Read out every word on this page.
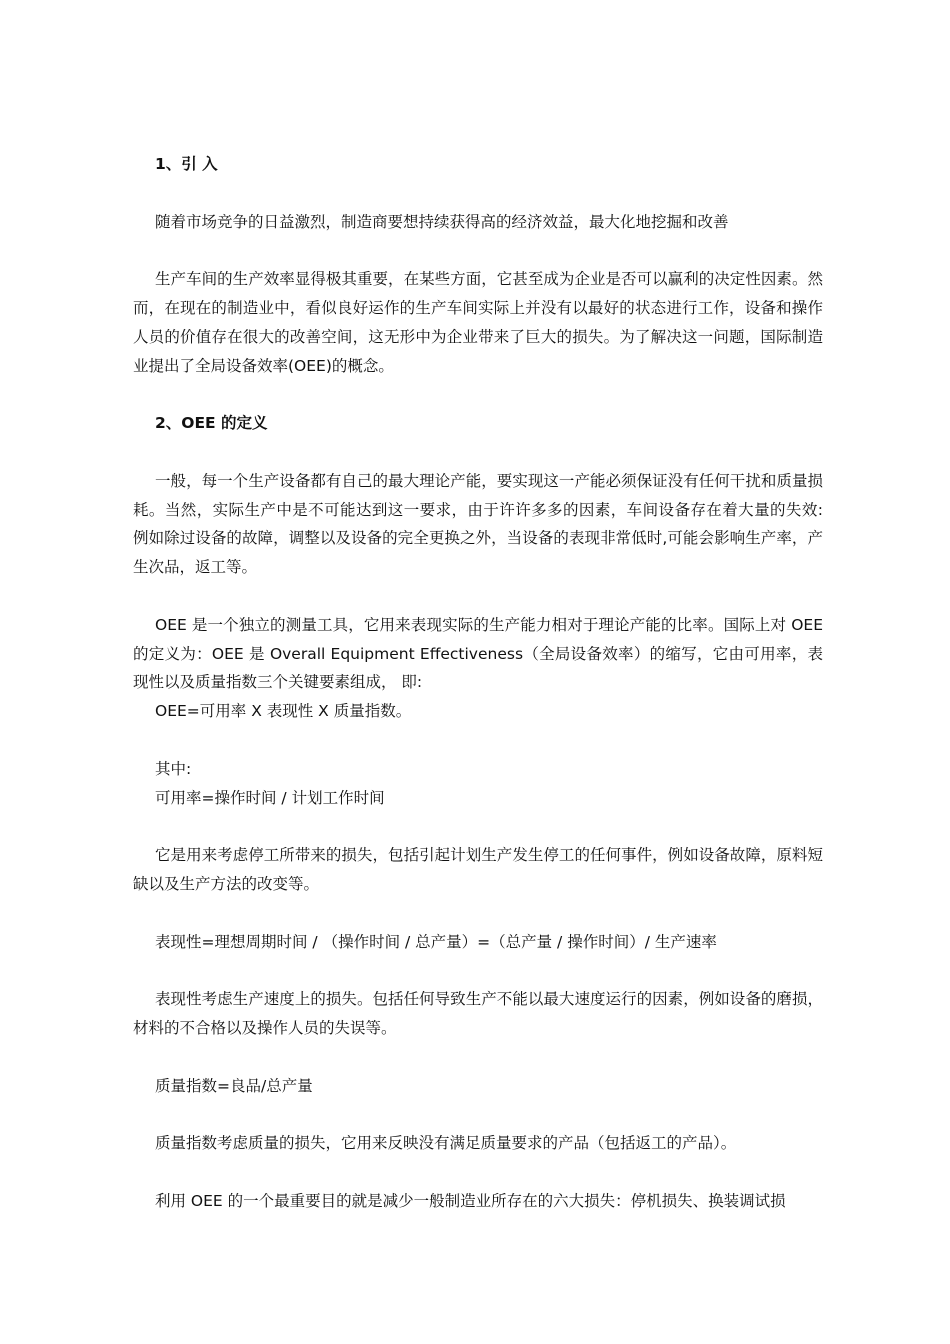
1、引 入

随着市场竞争的日益激烈，制造商要想持续获得高的经济效益，最大化地挖掘和改善

生产车间的生产效率显得极其重要，在某些方面，它甚至成为企业是否可以赢利的决定性因素。然而，在现在的制造业中，看似良好运作的生产车间实际上并没有以最好的状态进行工作，设备和操作人员的价值存在很大的改善空间，这无形中为企业带来了巨大的损失。为了解决这一问题，国际制造业提出了全局设备效率(OEE)的概念。

2、OEE 的定义

一般，每一个生产设备都有自己的最大理论产能，要实现这一产能必须保证没有任何干扰和质量损耗。当然，实际生产中是不可能达到这一要求，由于许许多多的因素，车间设备存在着大量的失效: 例如除过设备的故障，调整以及设备的完全更换之外，当设备的表现非常低时,可能会影响生产率，产生次品，返工等。

OEE 是一个独立的测量工具，它用来表现实际的生产能力相对于理论产能的比率。国际上对 OEE 的定义为：OEE 是 Overall Equipment Effectiveness（全局设备效率）的缩写，它由可用率，表现性以及质量指数三个关键要素组成， 即:

OEE=可用率 X 表现性 X 质量指数。

其中:

可用率=操作时间 / 计划工作时间

它是用来考虑停工所带来的损失，包括引起计划生产发生停工的任何事件，例如设备故障，原料短缺以及生产方法的改变等。

表现性=理想周期时间 / （操作时间 / 总产量）=（总产量 / 操作时间）/ 生产速率

表现性考虑生产速度上的损失。包括任何导致生产不能以最大速度运行的因素，例如设备的磨损，材料的不合格以及操作人员的失误等。

质量指数=良品/总产量

质量指数考虑质量的损失，它用来反映没有满足质量要求的产品（包括返工的产品）。

利用 OEE 的一个最重要目的就是减少一般制造业所存在的六大损失：停机损失、换装调试损
